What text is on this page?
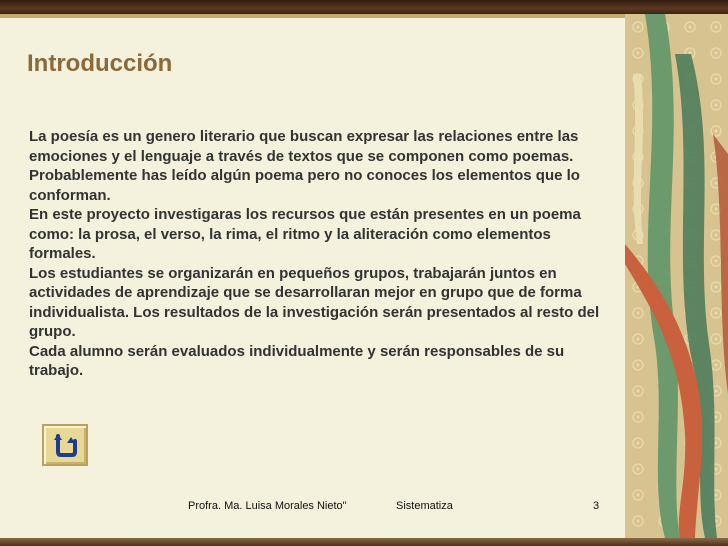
Introducción

La poesía es un genero literario que buscan expresar las relaciones entre las emociones y el lenguaje a través de textos que se componen como poemas.

Probablemente has leído algún poema pero no conoces los elementos que lo conforman.

En este proyecto investigaras los recursos que están presentes en un poema como: la prosa, el verso, la rima, el ritmo y la aliteración como elementos formales.

Los estudiantes se organizarán en pequeños grupos, trabajarán juntos en actividades de aprendizaje que se desarrollaran mejor en grupo que de forma individualista. Los resultados de la investigación serán presentados al resto del grupo.

Cada alumno serán evaluados individualmente y serán responsables de su trabajo.

Profra. Ma. Luisa Morales Nieto"	Sistematiza	3
